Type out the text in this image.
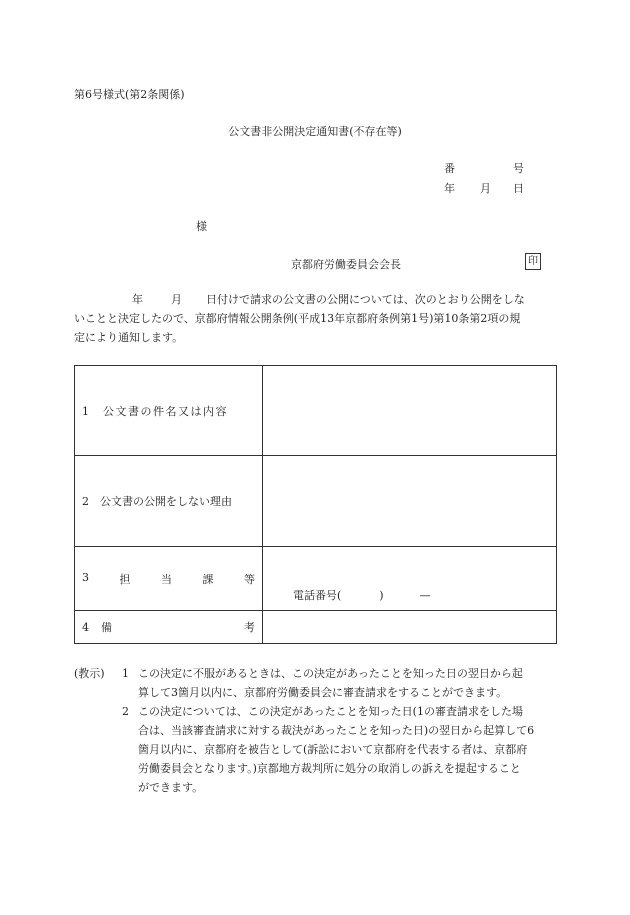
第6号様式(第2条関係)
公文書非公開決定通知書(不存在等)
番	号
年 月 日
様
京都府労働委員会会長	印
年	月 日付けで請求の公文書の公開については、次のとおり公開をしな
いことと決定したので、京都府情報公開条例(平成13年京都府条例第1号)第10条第2項の規
定により通知します。
1　公文書の件名又は内容	
2　公文書の公開をしない理由	

3 担 当 課 等	電話番号( ) —

4 備 考	

(教示)	1 この決定に不服があるときは、この決定があったことを知った日の翌日から起
算して3箇月以内に、京都府労働委員会に審査請求をすることができます。
2 この決定については、この決定があったことを知った日(1の審査請求をした場
合は、当該審査請求に対する裁決があったことを知った日)の翌日から起算して6
箇月以内に、京都府を被告として(訴訟において京都府を代表する者は、京都府
労働委員会となります。)京都地方裁判所に処分の取消しの訴えを提起すること
ができます。
